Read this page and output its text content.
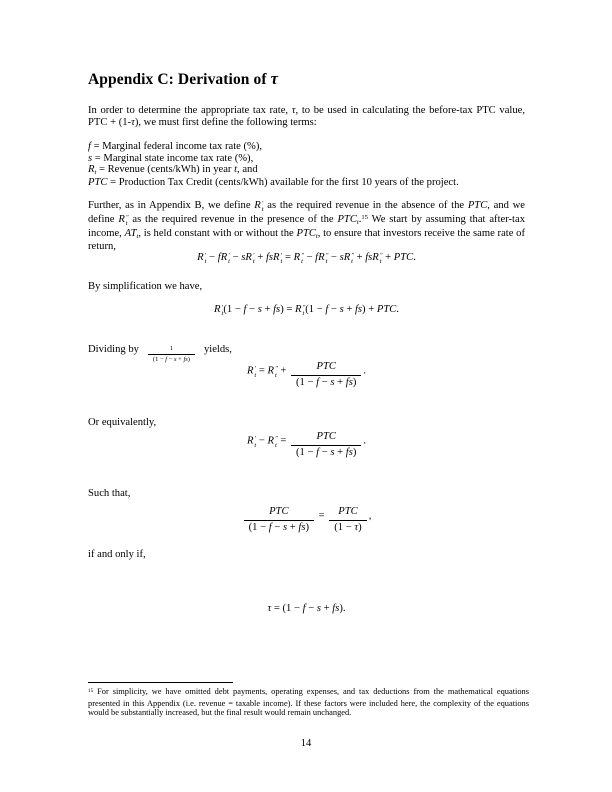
Appendix C: Derivation of τ

In order to determine the appropriate tax rate, τ, to be used in calculating the before-tax PTC value, PTC + (1-τ), we must first define the following terms:

f = Marginal federal income tax rate (%),
s = Marginal state income tax rate (%),
Rt = Revenue (cents/kWh) in year t, and
PTC = Production Tax Credit (cents/kWh) available for the first 10 years of the project.

Further, as in Appendix B, we define R ′
t as the required revenue in the absence of the PTC, and we define R ″
t as the required revenue in the presence of the PTCt.$^{15}$ We start by assuming that after-tax income, ATt, is held constant with or without the PTCt, to ensure that investors receive the same rate of return,

R ′
t − fR ′
t − sR ′
t + fsR ′
t = R ″
t − fR ″
t − sR ″
t + fsR ″
t + PTC.

By simplification we have,

R ′
t (1 − f − s + fs) = R ″
t (1 − f − s + fs) + PTC.

Dividing by $\frac{1}{(1 - f - s + fs)}$ yields,

R ′
t = R ″
$t + \frac{\text{PTC}}{(1 - f - s + fs)}$ .

Or equivalently,

R ′
t − R ″
$t = \frac{\text{PTC}}{(1 - f - s + fs)}$ .

Such that,

$\frac{\text{PTC}}{(1 - f - s + fs)} = \frac{\text{PTC}}{(1 - \tau)}$ ,

if and only if,

τ = (1 − f − s + fs).

$^{15}$ For simplicity, we have omitted debt payments, operating expenses, and tax deductions from the mathematical equations presented in this Appendix (i.e. revenue = taxable income). If these factors were included here, the complexity of the equations would be substantially increased, but the final result would remain unchanged.

14
